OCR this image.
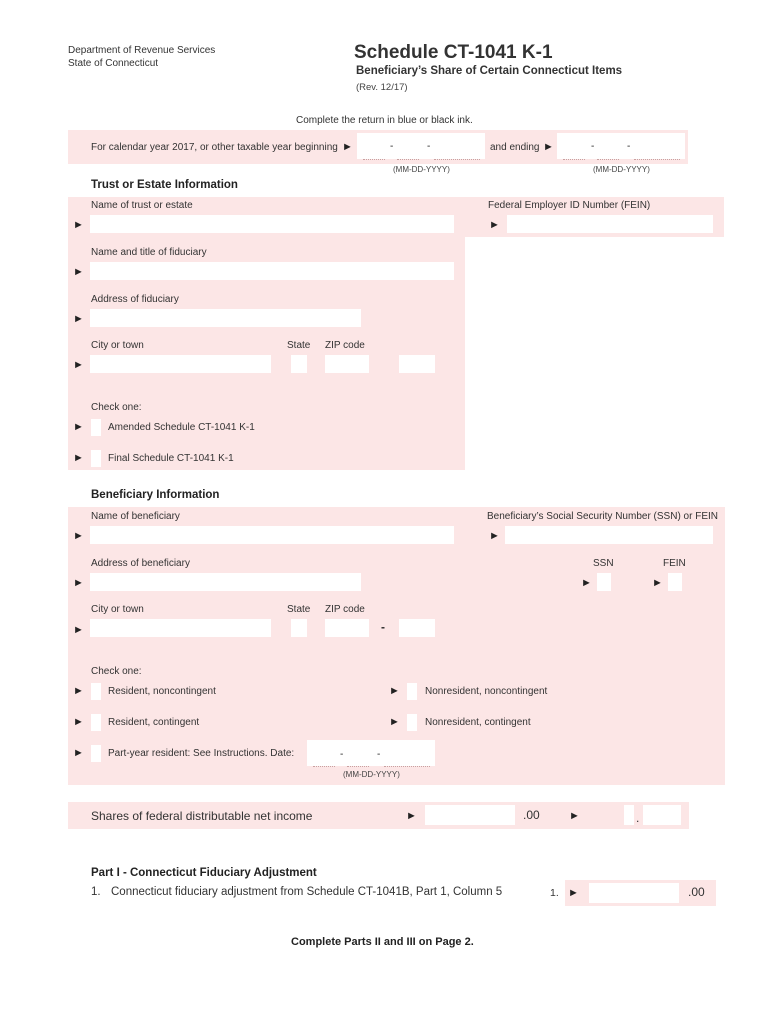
Department of Revenue Services
State of Connecticut
Schedule CT-1041 K-1
Beneficiary’s Share of Certain Connecticut Items
(Rev. 12/17)
Complete the return in blue or black ink.
For calendar year 2017, or other taxable year beginning ►	-	-	and ending ►	-	-
(MM-DD-YYYY)	(MM-DD-YYYY)
Trust or Estate Information
Name of trust or estate
►
Federal Employer ID Number (FEIN)
►
Name and title of fiduciary
►
Address of fiduciary
►
City or town	State ZIP code
►
Check one:
► Amended Schedule CT-1041 K-1
► Final Schedule CT-1041 K-1
Beneficiary Information
Name of beneficiary
►
Beneficiary’s Social Security Number (SSN) or FEIN
►
Address of beneficiary
►
SSN	FEIN
►	►
City or town	State ZIP code
►	-
Check one:
► Resident, noncontingent	►	Nonresident, noncontingent
► Resident, contingent	►	Nonresident, contingent
► Part-year resident: See Instructions. Date:	-	-
(MM-DD-YYYY)
Shares of federal distributable net income	►	.00	►	.
Part I - Connecticut Fiduciary Adjustment
1. Connecticut fiduciary adjustment from Schedule CT-1041B, Part 1, Column 5	1. ►	.00
Complete Parts II and III on Page 2.
